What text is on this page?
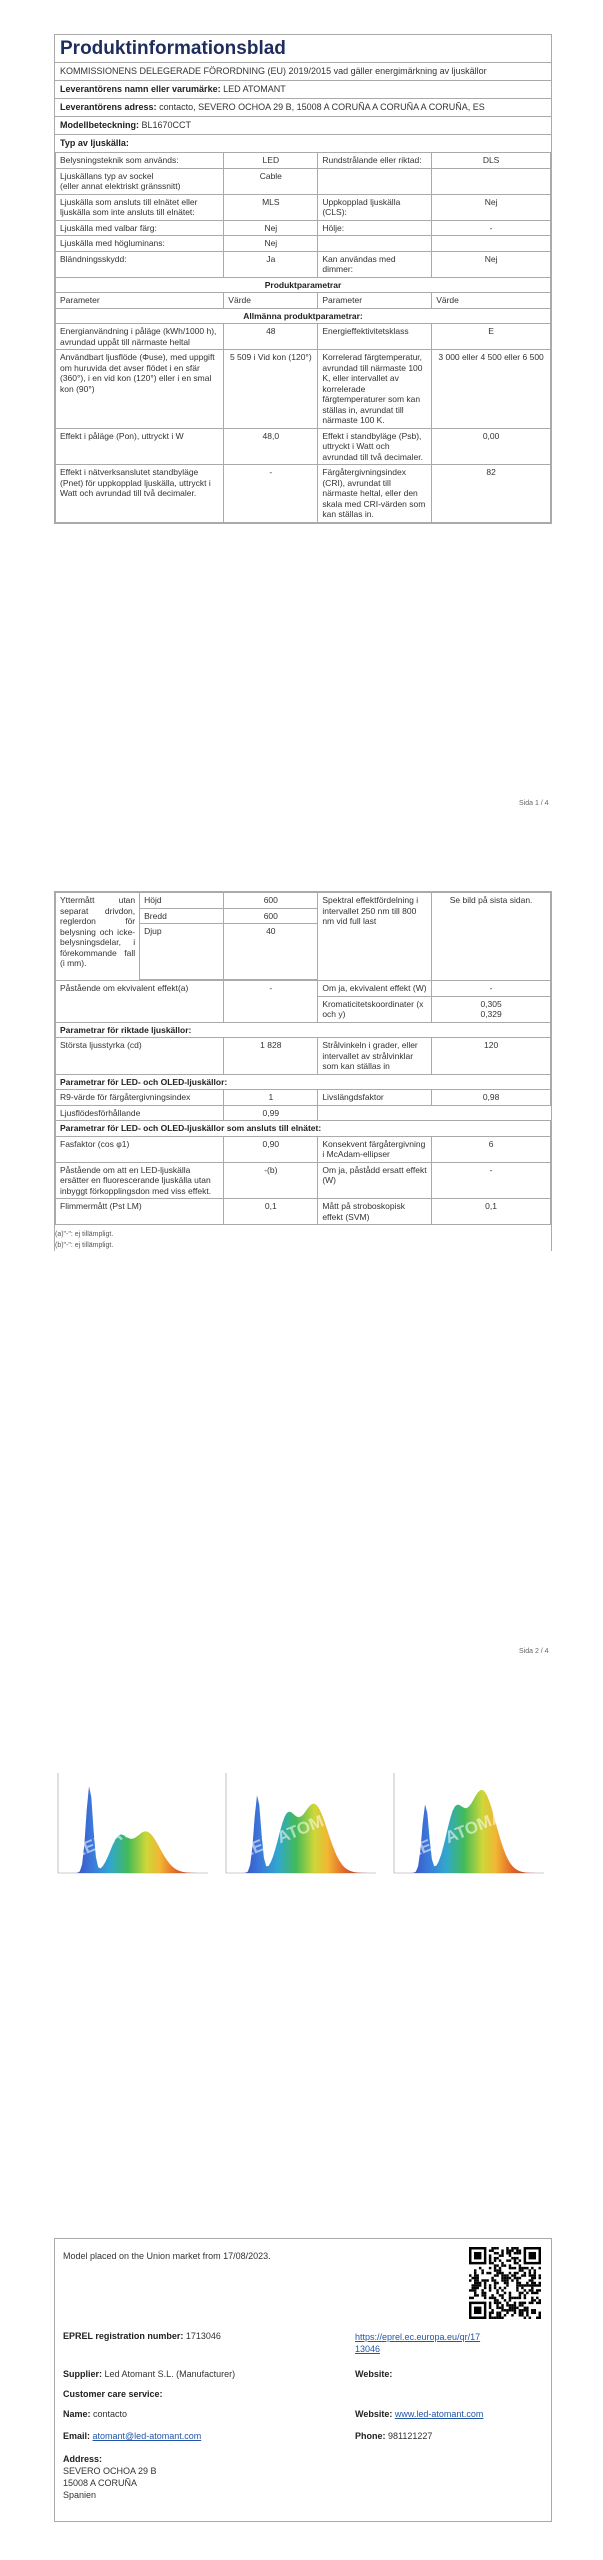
Produktinformationsblad
KOMMISSIONENS DELEGERADE FÖRORDNING (EU) 2019/2015 vad gäller energimärkning av ljuskällor
Leverantörens namn eller varumärke: LED ATOMANT
Leverantörens adress: contacto, SEVERO OCHOA 29 B, 15008 A CORUÑA A CORUÑA A CORUÑA, ES
Modellbeteckning: BL1670CCT
Typ av ljuskälla:
Belysningsteknik som används:	LED	Rundstrålande eller riktad:	DLS
Ljuskällans typ av sockel
(eller annat elektriskt gränssnitt)	Cable		
Ljuskälla som ansluts till elnätet eller ljuskälla som inte ansluts till elnätet:	MLS	Uppkopplad ljuskälla (CLS):	Nej
Ljuskälla med valbar färg:	Nej	Hölje:	-
Ljuskälla med högluminans:	Nej		
Bländningsskydd:	Ja	Kan användas med dimmer:	Nej
Produktparametrar			
Parameter	Värde	Parameter	Värde
Allmänna produktparametrar:			
Energianvändning i påläge (kWh/1000 h), avrundad uppåt till närmaste heltal	48	Energieffektivitetsklass	E
Användbart ljusflöde (Φuse), med uppgift om huruvida det avser flödet i en sfär (360°), i en vid kon (120°) eller i en smal kon (90°)	5 509 i Vid kon (120°)	Korrelerad färgtemperatur, avrundad till närmaste 100 K, eller intervallet av korrelerade färgtemperaturer som kan ställas in, avrundat till närmaste 100 K.	3 000 eller 4 500 eller 6 500
Effekt i påläge (Pon), uttryckt i W	48,0	Effekt i standbyläge (Psb), uttryckt i Watt och avrundad till två decimaler.	0,00
Effekt i nätverksanslutet standbyläge (Pnet) för uppkopplad ljuskälla, uttryckt i Watt och avrundad till två decimaler.	-	Färgåtergivningsindex (CRI), avrundat till närmaste heltal, eller den skala med CRI-värden som kan ställas in.	82
Sida 1 / 4
Yttermått utan separat drivdon, reglerdon för belysning och icke-belysningsdelar, i förekommande fall (i mm).	Höjd	600	Spektral effektfördelning i intervallet 250 nm till 800 nm vid full last	Se bild på sista sidan.
	Bredd	600		
	Djup	40		

Påstående om ekvivalent effekt(a)		-	Om ja, ekvivalent effekt (W)	-
			Kromaticitetskoordinater (x och y)	0,305
0,329
Parametrar för riktade ljuskällor:				
Största ljusstyrka (cd)		1 828	Strålvinkeln i grader, eller intervallet av strålvinklar som kan ställas in	120
Parametrar för LED- och OLED-ljuskällor:				
R9-värde för färgåtergivningsindex		1	Livslängdsfaktor	0,98
Ljusflödesförhållande		0,99		
Parametrar för LED- och OLED-ljuskällor som ansluts till elnätet:				
Fasfaktor (cos φ1)		0,90	Konsekvent färgåtergivning i McAdam-ellipser	6
Påstående om att en LED-ljuskälla ersätter en fluorescerande ljuskälla utan inbyggt förkopplingsdon med viss effekt.		-(b)	Om ja, påstådd ersatt effekt (W)	-
Flimmermått (Pst LM)		0,1	Mått på stroboskopisk effekt (SVM)	0,1
(a)"-": ej tillämpligt.
(b)"-": ej tillämpligt.
Sida 2 / 4
LED ATOMANT	LED ATOMANT	LED ATOMANT
Model placed on the Union market from 17/08/2023.
EPREL registration number: 1713046	https://eprel.ec.europa.eu/qr/17
13046
Supplier: Led Atomant S.L. (Manufacturer)	Website:
Customer care service:
Name: contacto	Website: www.led-atomant.com
Email: atomant@led-atomant.com	Phone: 981121227
Address:
SEVERO OCHOA 29 B
15008 A CORUÑA
Spanien
